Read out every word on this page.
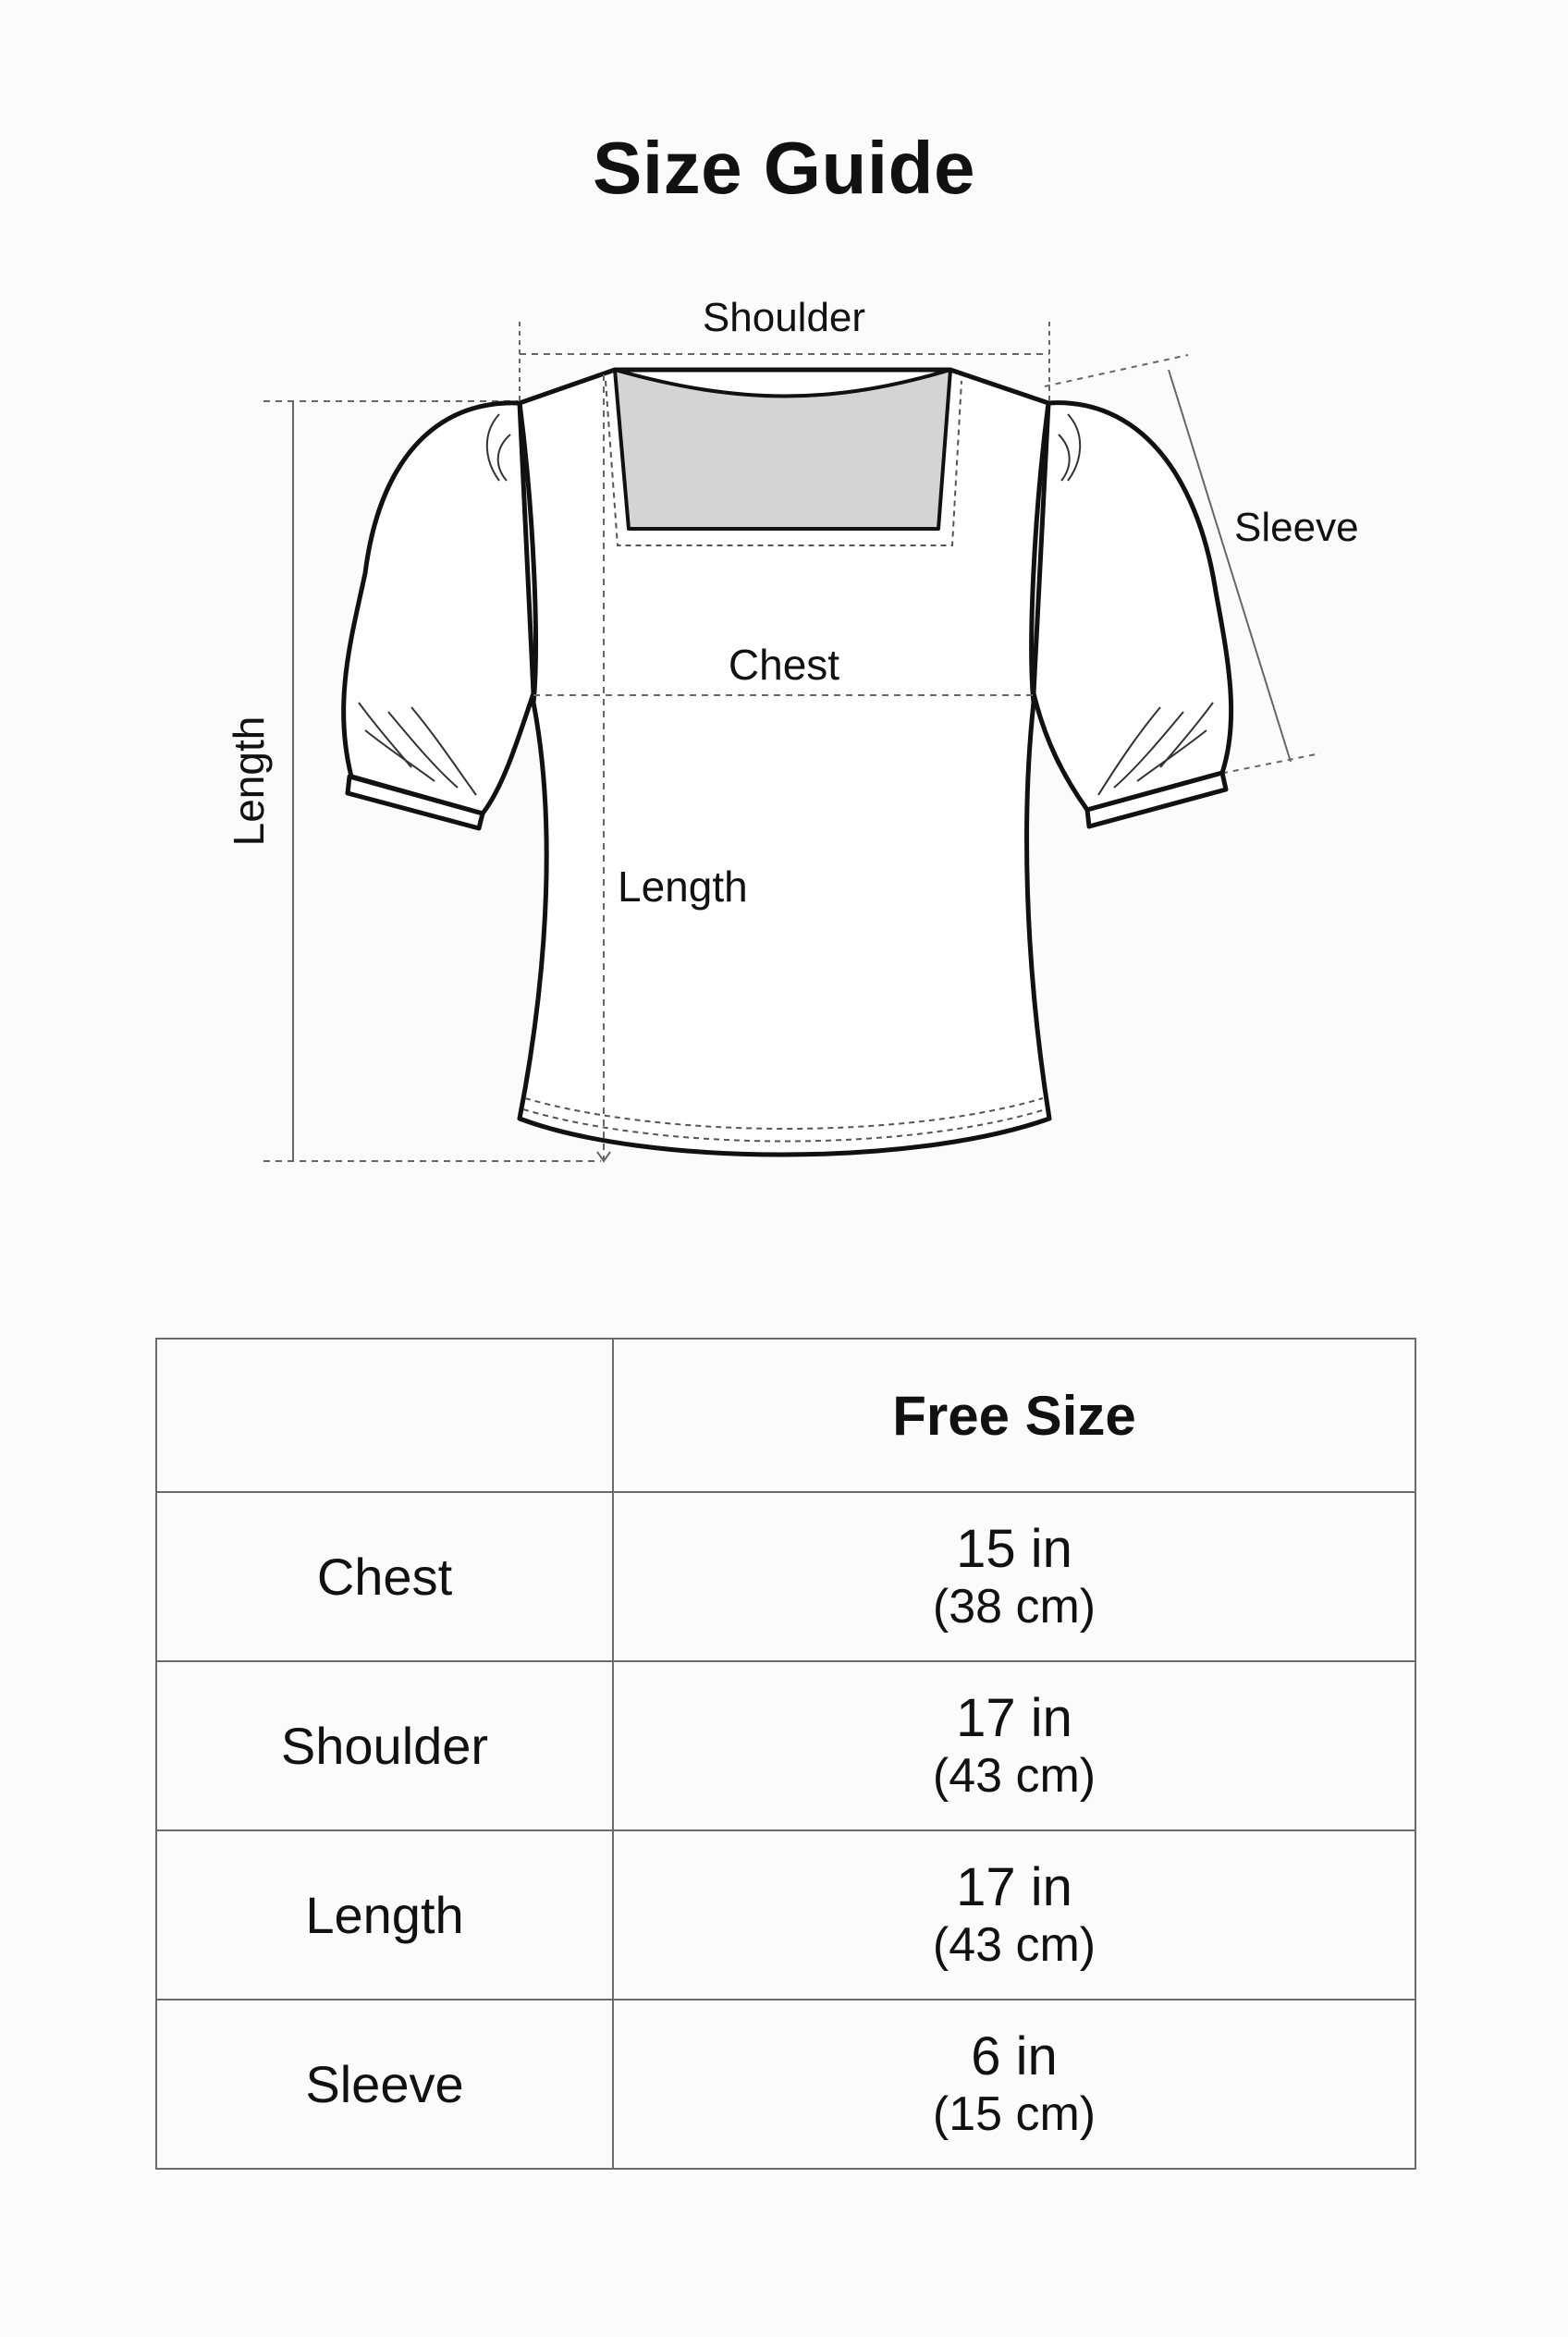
Size Guide
Shoulder
Sleeve
Chest
Length
Length
	Free Size
Chest	15 in
(38 cm)

Shoulder	17 in
(43 cm)

Length	17 in
(43 cm)

Sleeve	6 in
(15 cm)
